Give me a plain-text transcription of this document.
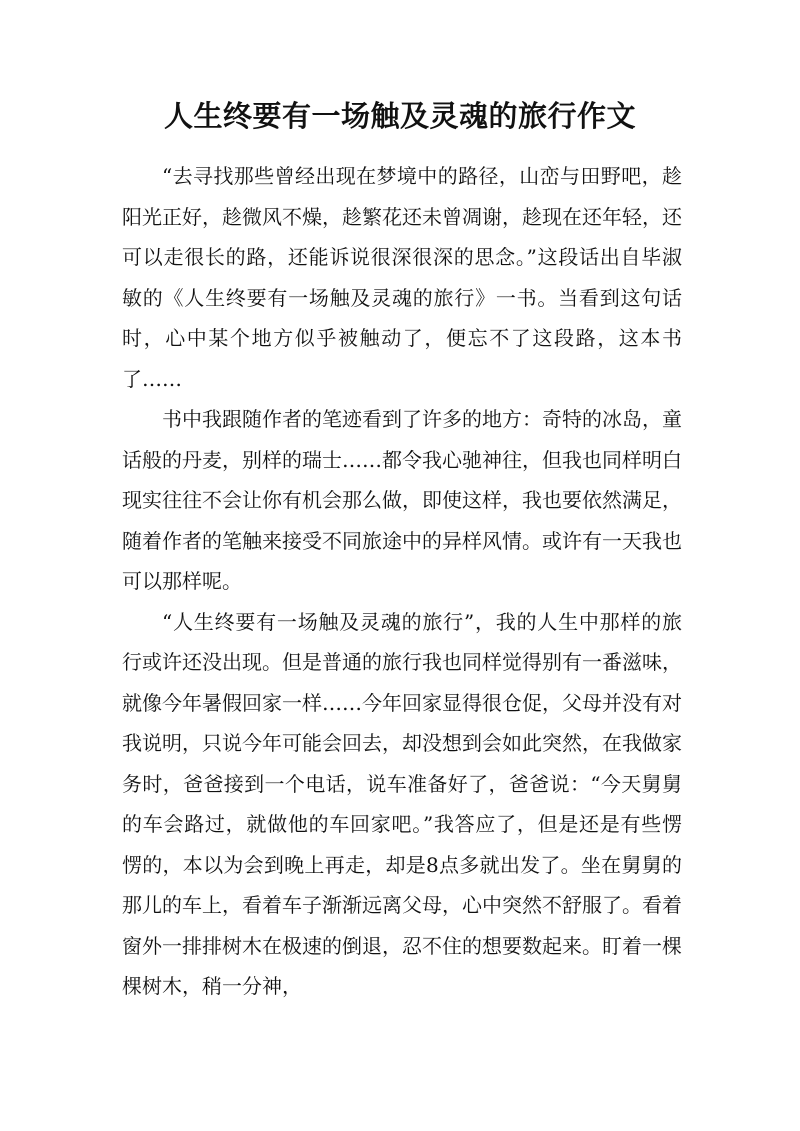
人生终要有一场触及灵魂的旅行作文

“去寻找那些曾经出现在梦境中的路径，山峦与田野吧，趁阳光正好，趁微风不燥，趁繁花还未曾凋谢，趁现在还年轻，还可以走很长的路，还能诉说很深很深的思念。”这段话出自毕淑敏的《人生终要有一场触及灵魂的旅行》一书。当看到这句话时，心中某个地方似乎被触动了，便忘不了这段路，这本书了……

书中我跟随作者的笔迹看到了许多的地方：奇特的冰岛，童话般的丹麦，别样的瑞士……都令我心驰神往，但我也同样明白现实往往不会让你有机会那么做，即使这样，我也要依然满足，随着作者的笔触来接受不同旅途中的异样风情。或许有一天我也可以那样呢。

“人生终要有一场触及灵魂的旅行”，我的人生中那样的旅行或许还没出现。但是普通的旅行我也同样觉得别有一番滋味，就像今年暑假回家一样……今年回家显得很仓促，父母并没有对我说明，只说今年可能会回去，却没想到会如此突然，在我做家务时，爸爸接到一个电话，说车准备好了，爸爸说：“今天舅舅的车会路过，就做他的车回家吧。”我答应了，但是还是有些愣愣的，本以为会到晚上再走，却是8点多就出发了。坐在舅舅的那儿的车上，看着车子渐渐远离父母，心中突然不舒服了。看着窗外一排排树木在极速的倒退，忍不住的想要数起来。盯着一棵棵树木，稍一分神，
